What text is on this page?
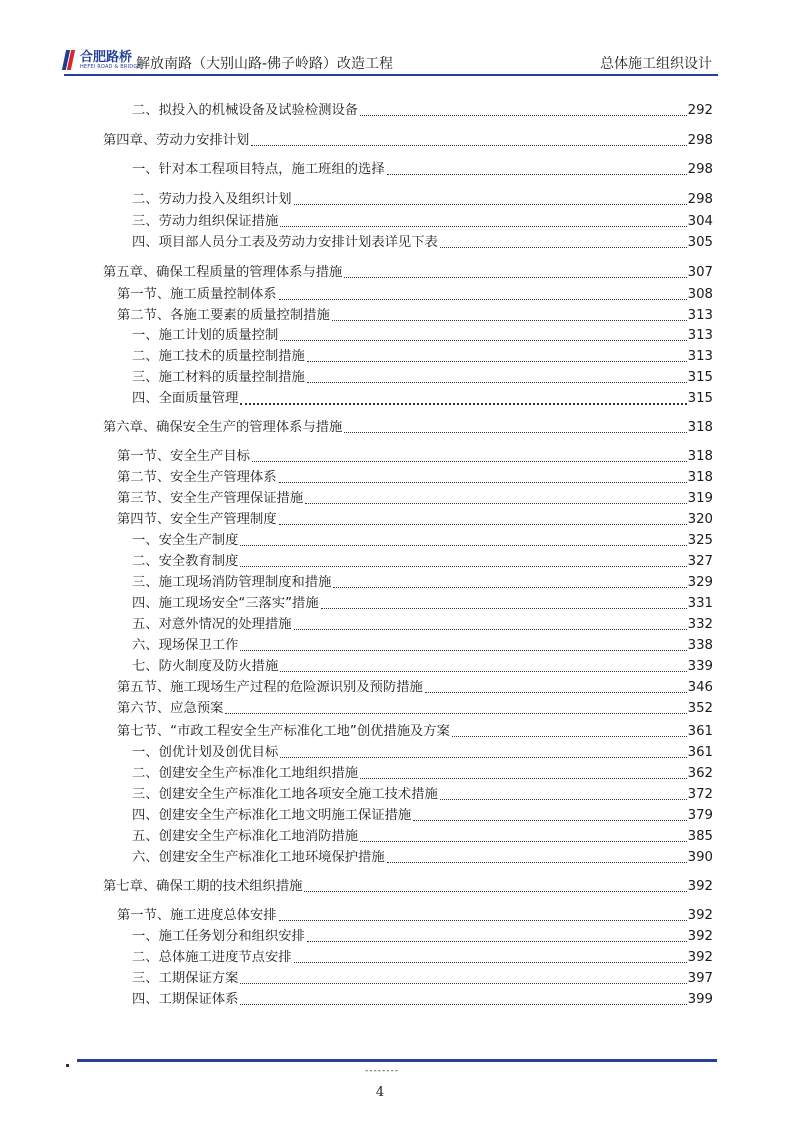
合肥路桥
HEFEI ROAD & BRIDGE
解放南路（大别山路-佛子岭路）改造工程	总体施工组织设计
二、拟投入的机械设备及试验检测设备	292
第四章、劳动力安排计划	298
一、针对本工程项目特点，施工班组的选择	298
二、劳动力投入及组织计划	298
三、劳动力组织保证措施	304
四、项目部人员分工表及劳动力安排计划表详见下表	305
第五章、确保工程质量的管理体系与措施	307
第一节、施工质量控制体系	308
第二节、各施工要素的质量控制措施	313
一、施工计划的质量控制	313
二、施工技术的质量控制措施	313
三、施工材料的质量控制措施	315
四、全面质量管理	315
第六章、确保安全生产的管理体系与措施	318
第一节、安全生产目标	318
第二节、安全生产管理体系	318
第三节、安全生产管理保证措施	319
第四节、安全生产管理制度	320
一、安全生产制度	325
二、安全教育制度	327
三、施工现场消防管理制度和措施	329
四、施工现场安全“三落实”措施	331
五、对意外情况的处理措施	332
六、现场保卫工作	338
七、防火制度及防火措施	339
第五节、施工现场生产过程的危险源识别及预防措施	346
第六节、应急预案	352
第七节、“市政工程安全生产标准化工地”创优措施及方案	361
一、创优计划及创优目标	361
二、创建安全生产标准化工地组织措施	362
三、创建安全生产标准化工地各项安全施工技术措施	372
四、创建安全生产标准化工地文明施工保证措施	379
五、创建安全生产标准化工地消防措施	385
六、创建安全生产标准化工地环境保护措施	390
第七章、确保工期的技术组织措施	392
第一节、施工进度总体安排	392
一、施工任务划分和组织安排	392
二、总体施工进度节点安排	392
三、工期保证方案	397
四、工期保证体系	399
--------
4
